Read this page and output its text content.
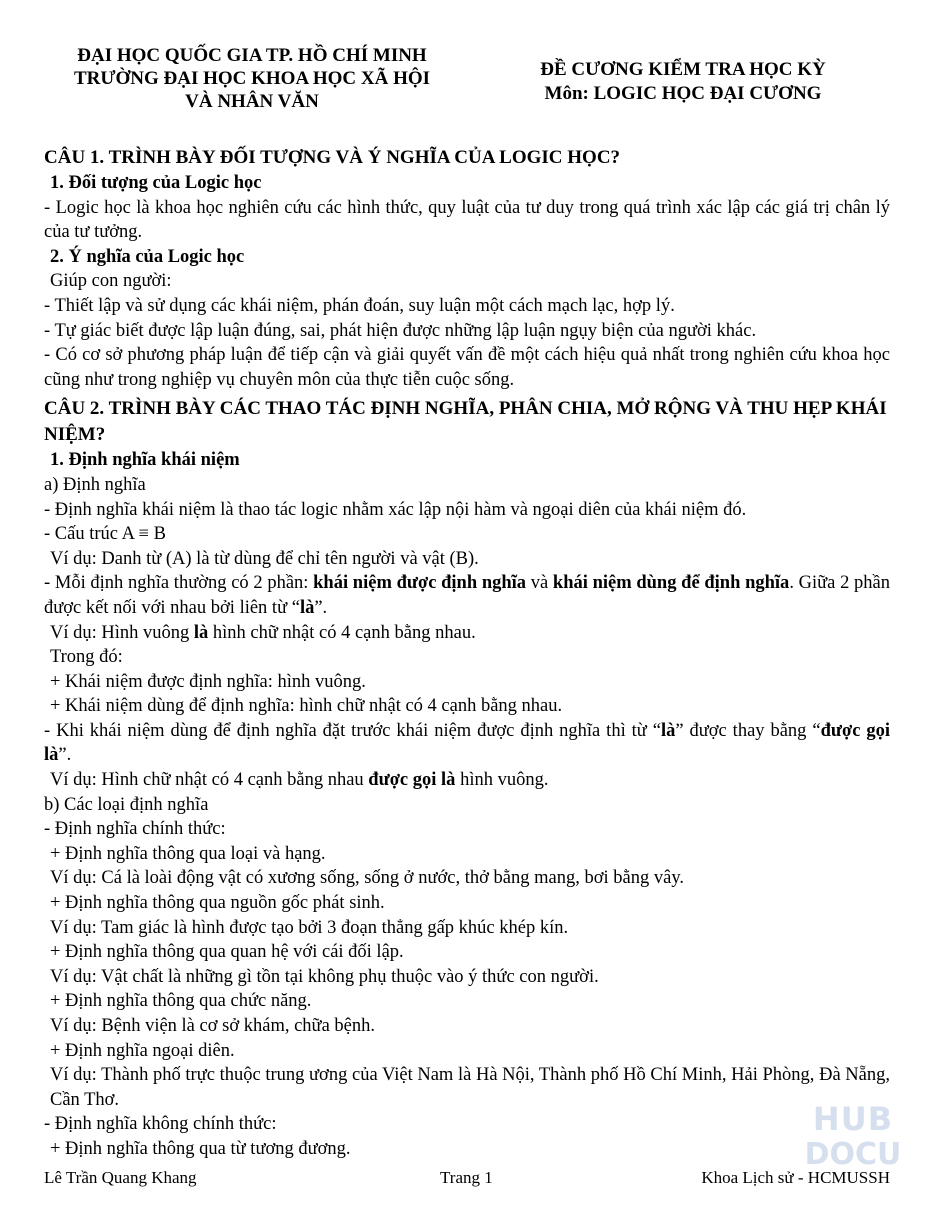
ĐẠI HỌC QUỐC GIA TP. HỒ CHÍ MINH
TRƯỜNG ĐẠI HỌC KHOA HỌC XÃ HỘI
VÀ NHÂN VĂN
ĐỀ CƯƠNG KIỂM TRA HỌC KỲ
Môn: LOGIC HỌC ĐẠI CƯƠNG

CÂU 1. TRÌNH BÀY ĐỐI TƯỢNG VÀ Ý NGHĨA CỦA LOGIC HỌC?

1. Đối tượng của Logic học

- Logic học là khoa học nghiên cứu các hình thức, quy luật của tư duy trong quá trình xác lập các giá trị chân lý của tư tưởng.

2. Ý nghĩa của Logic học

Giúp con người:

- Thiết lập và sử dụng các khái niệm, phán đoán, suy luận một cách mạch lạc, hợp lý.

- Tự giác biết được lập luận đúng, sai, phát hiện được những lập luận ngụy biện của người khác.

- Có cơ sở phương pháp luận để tiếp cận và giải quyết vấn đề một cách hiệu quả nhất trong nghiên cứu khoa học cũng như trong nghiệp vụ chuyên môn của thực tiễn cuộc sống.

CÂU 2. TRÌNH BÀY CÁC THAO TÁC ĐỊNH NGHĨA, PHÂN CHIA, MỞ RỘNG VÀ THU HẸP KHÁI NIỆM?

1. Định nghĩa khái niệm

a) Định nghĩa

- Định nghĩa khái niệm là thao tác logic nhằm xác lập nội hàm và ngoại diên của khái niệm đó.

- Cấu trúc A ≡ B

Ví dụ: Danh từ (A) là từ dùng để chỉ tên người và vật (B).

- Mỗi định nghĩa thường có 2 phần: khái niệm được định nghĩa và khái niệm dùng để định nghĩa. Giữa 2 phần được kết nối với nhau bởi liên từ “là”.

Ví dụ: Hình vuông là hình chữ nhật có 4 cạnh bằng nhau.

Trong đó:

+ Khái niệm được định nghĩa: hình vuông.

+ Khái niệm dùng để định nghĩa: hình chữ nhật có 4 cạnh bằng nhau.

- Khi khái niệm dùng để định nghĩa đặt trước khái niệm được định nghĩa thì từ “là” được thay bằng “được gọi là”.

Ví dụ: Hình chữ nhật có 4 cạnh bằng nhau được gọi là hình vuông.

b) Các loại định nghĩa

- Định nghĩa chính thức:

+ Định nghĩa thông qua loại và hạng.

Ví dụ: Cá là loài động vật có xương sống, sống ở nước, thở bằng mang, bơi bằng vây.

+ Định nghĩa thông qua nguồn gốc phát sinh.

Ví dụ: Tam giác là hình được tạo bởi 3 đoạn thẳng gấp khúc khép kín.

+ Định nghĩa thông qua quan hệ với cái đối lập.

Ví dụ: Vật chất là những gì tồn tại không phụ thuộc vào ý thức con người.

+ Định nghĩa thông qua chức năng.

Ví dụ: Bệnh viện là cơ sở khám, chữa bệnh.

+ Định nghĩa ngoại diên.

Ví dụ: Thành phố trực thuộc trung ương của Việt Nam là Hà Nội, Thành phố Hồ Chí Minh, Hải Phòng, Đà Nẵng, Cần Thơ.

- Định nghĩa không chính thức:

+ Định nghĩa thông qua từ tương đương.

HUB
DOCU
Lê Trần Quang Khang	Trang 1	Khoa Lịch sử - HCMUSSH
